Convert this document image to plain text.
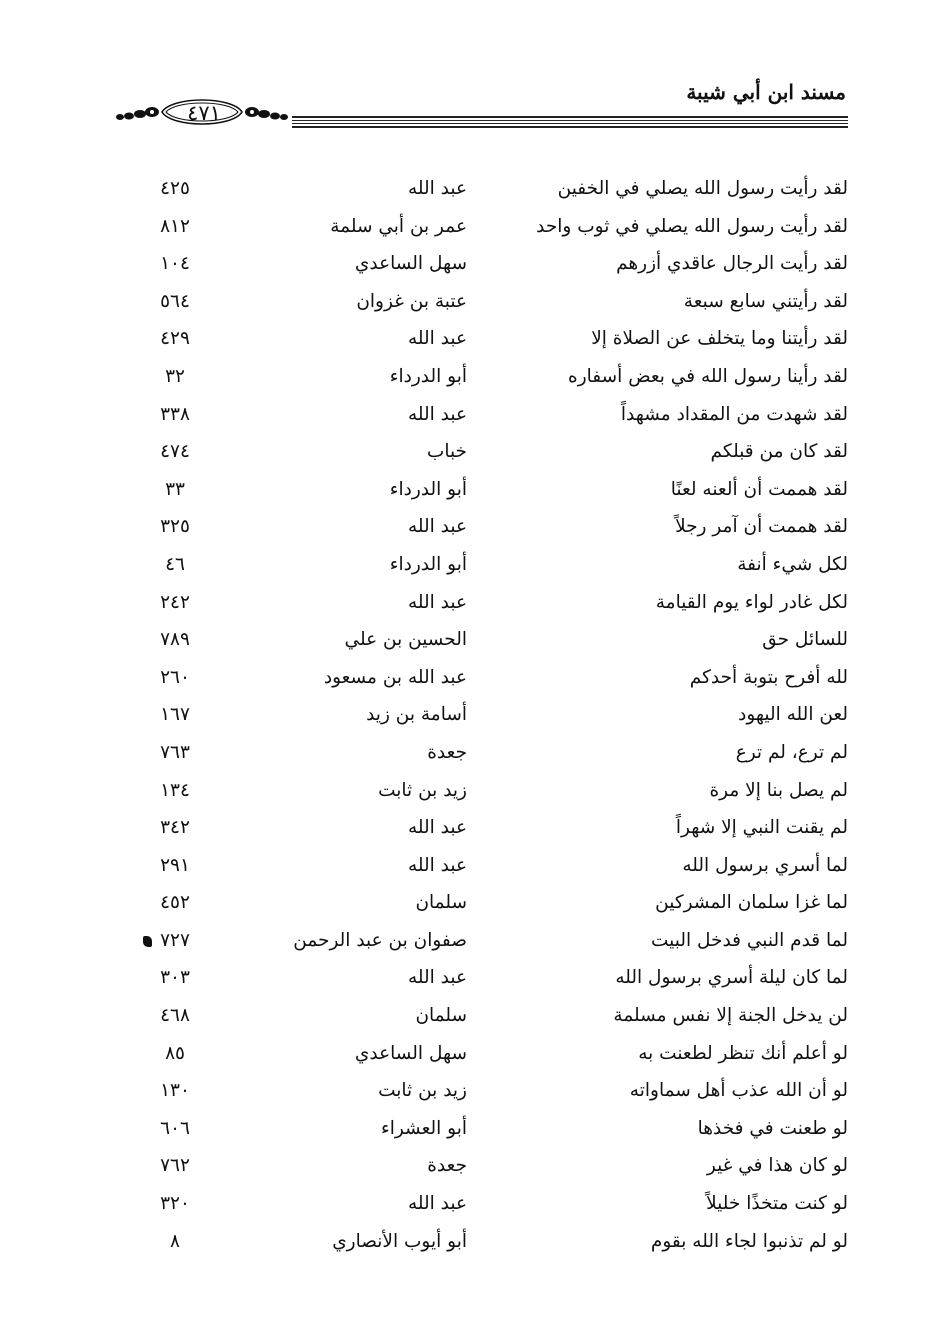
مسند ابن أبي شيبة
٤٧١
لقد رأيت رسول الله يصلي في الخفين
عبد الله
٤٢٥
لقد رأيت رسول الله يصلي في ثوب واحد
عمر بن أبي سلمة
٨١٢
لقد رأيت الرجال عاقدي أزرهم
سهل الساعدي
١٠٤
لقد رأيتني سابع سبعة
عتبة بن غزوان
٥٦٤
لقد رأيتنا وما يتخلف عن الصلاة إلا
عبد الله
٤٢٩
لقد رأينا رسول الله في بعض أسفاره
أبو الدرداء
٣٢
لقد شهدت من المقداد مشهداً
عبد الله
٣٣٨
لقد كان من قبلكم
خباب
٤٧٤
لقد هممت أن ألعنه لعنًا
أبو الدرداء
٣٣
لقد هممت أن آمر رجلاً
عبد الله
٣٢٥
لكل شيء أنفة
أبو الدرداء
٤٦
لكل غادر لواء يوم القيامة
عبد الله
٢٤٢
للسائل حق
الحسين بن علي
٧٨٩
لله أفرح بتوبة أحدكم
عبد الله بن مسعود
٢٦٠
لعن الله اليهود
أسامة بن زيد
١٦٧
لم ترع، لم ترع
جعدة
٧٦٣
لم يصل بنا إلا مرة
زيد بن ثابت
١٣٤
لم يقنت النبي إلا شهراً
عبد الله
٣٤٢
لما أسري برسول الله
عبد الله
٢٩١
لما غزا سلمان المشركين
سلمان
٤٥٢
لما قدم النبي فدخل البيت
صفوان بن عبد الرحمن
٧٢٧
لما كان ليلة أسري برسول الله
عبد الله
٣٠٣
لن يدخل الجنة إلا نفس مسلمة
سلمان
٤٦٨
لو أعلم أنك تنظر لطعنت به
سهل الساعدي
٨٥
لو أن الله عذب أهل سماواته
زيد بن ثابت
١٣٠
لو طعنت في فخذها
أبو العشراء
٦٠٦
لو كان هذا في غير
جعدة
٧٦٢
لو كنت متخذًا خليلاً
عبد الله
٣٢٠
لو لم تذنبوا لجاء الله بقوم
أبو أيوب الأنصاري
٨
